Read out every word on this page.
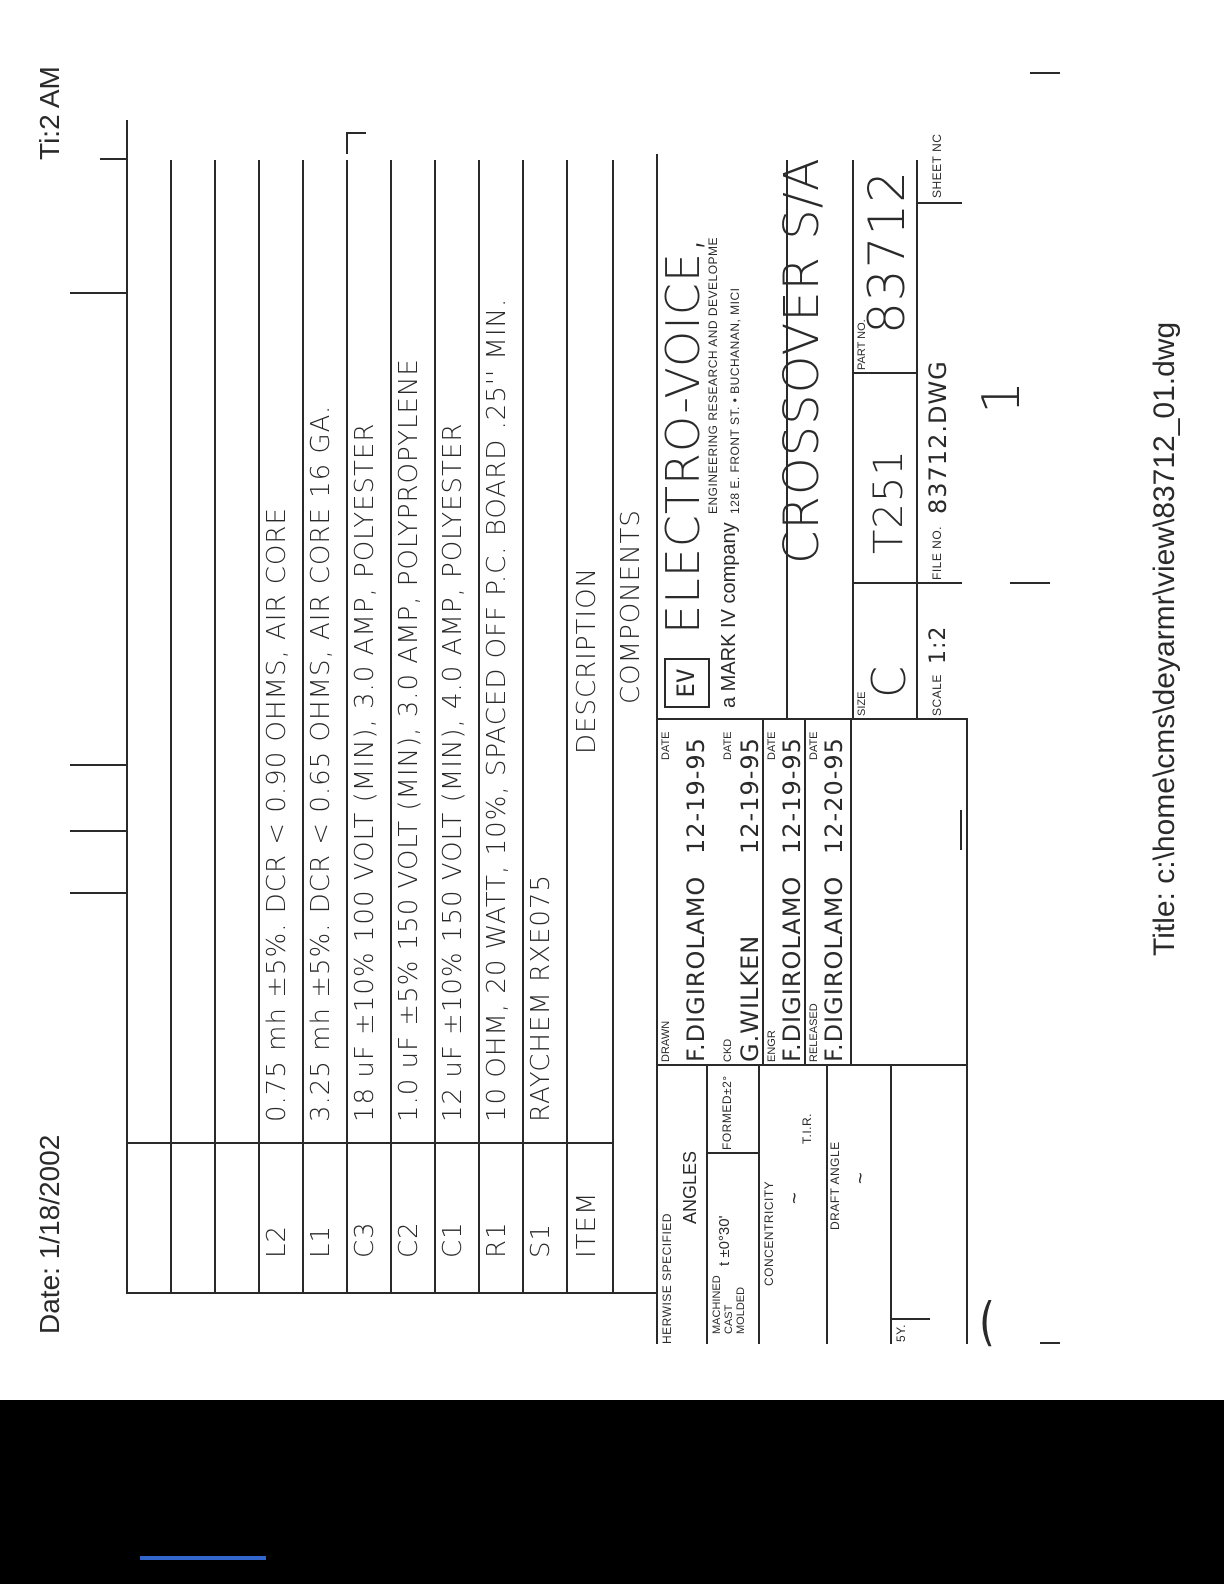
Date: 1/18/2002
Ti:2 AM
Title: c:\home\cms\deyarmr\view\83712_01.dwg
⁀
L2
0.75 mh ±5%. DCR < 0.90 OHMS, AIR CORE
L1
3.25 mh ±5%. DCR < 0.65 OHMS, AIR CORE 16 GA.
C3
18 uF ±10% 100 VOLT (MIN), 3.0 AMP, POLYESTER
C2
1.0 uF ±5% 150 VOLT (MIN), 3.0 AMP, POLYPROPYLENE
C1
12 uF ±10% 150 VOLT (MIN), 4.0 AMP, POLYESTER
R1
10 OHM, 20 WATT, 10%, SPACED OFF P.C. BOARD .25'' MIN.
S1
RAYCHEM RXE075
ITEM
DESCRIPTION COMPONENTS
HERWISE SPECIFIED
ANGLES
MACHINED CAST MOLDED
t ±0°30'
FORMED±2°
CONCENTRICITY ~
T.I.R.
DRAFT ANGLE ~
5Y.
DRAWN
DATE
F.DIGIROLAMO
12-19-95
CKD
DATE
G.WILKEN
12-19-95
ENGR
DATE
F.DIGIROLAMO
12-19-95
RELEASED
DATE
F.DIGIROLAMO
12-20-95
EV
ELECTRO-VOICE,
ENGINEERING RESEARCH AND DEVELOPME 128 E. FRONT ST. • BUCHANAN, MICI
a MARK IV company
CROSSOVER S/A
SIZE
C
T251
PART NO.
83712
SCALE
1:2
FILE NO.
83712.DWG
SHEET NC
1
